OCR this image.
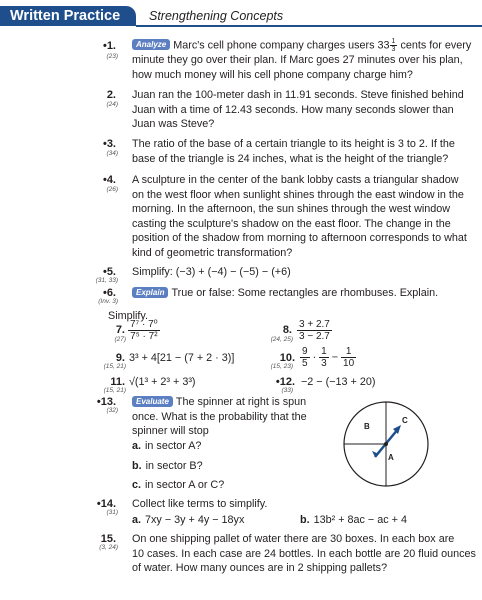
Written Practice	Strengthening Concepts
•1.
(23)
Analyze Marc's cell phone company charges users $33 \frac{1}{3}$ cents for every
minute they go over their plan. If Marc goes 27 minutes over his plan,
how much money will his cell phone company charge him?
2.
(24)
Juan ran the 100-meter dash in 11.91 seconds. Steve finished behind
Juan with a time of 12.43 seconds. How many seconds slower than
Juan was Steve?
•3.
(34)
The ratio of the base of a certain triangle to its height is 3 to 2. If the
base of the triangle is 24 inches, what is the height of the triangle?
•4.
(26)
A sculpture in the center of the bank lobby casts a triangular shadow
on the west floor when sunlight shines through the east window in the
morning. In the afternoon, the sun shines through the west window
casting the sculpture's shadow on the east floor. The change in the
position of the shadow from morning to afternoon corresponds to what
kind of geometric transformation?
•5.
(31, 33)
Simplify: (−3) + (−4) − (−5) − (+6)
•6.
(Inv. 3)
Explain True or false: Some rectangles are rhombuses. Explain.
Simplify.
7.
$(27) \frac{\text{7⁷ · 7⁰}}{\text{7⁵ · 7²}}$	8.
(24, $25) \frac{3 + 2.7}{3 - 2.7}$
9.
(15, 21)
3³ + 4[21 − (7 + 2 · 3)]	10.
(15, $23) \frac{9}{5} \cdot \frac{1}{3} - \frac{1}{10}$
11.
(15, 21)
√(1³ + 2³ + 3³)	•12.
(33)
−2 − (−13 + 20)
•13.
(32)
Evaluate The spinner at right is spun
once. What is the probability that the
spinner will stop
a. in sector A?
b. in sector B?
c. in sector A or C?
B
C
A
•14.
(31)
Collect like terms to simplify.
a. 7xy − 3y + 4y − 18yx	b. 13b² + 8ac − ac + 4
15.
(3, 24)
On one shipping pallet of water there are 30 boxes. In each box are
10 cases. In each case are 24 bottles. In each bottle are 20 fluid ounces
of water. How many ounces are in 2 shipping pallets?
